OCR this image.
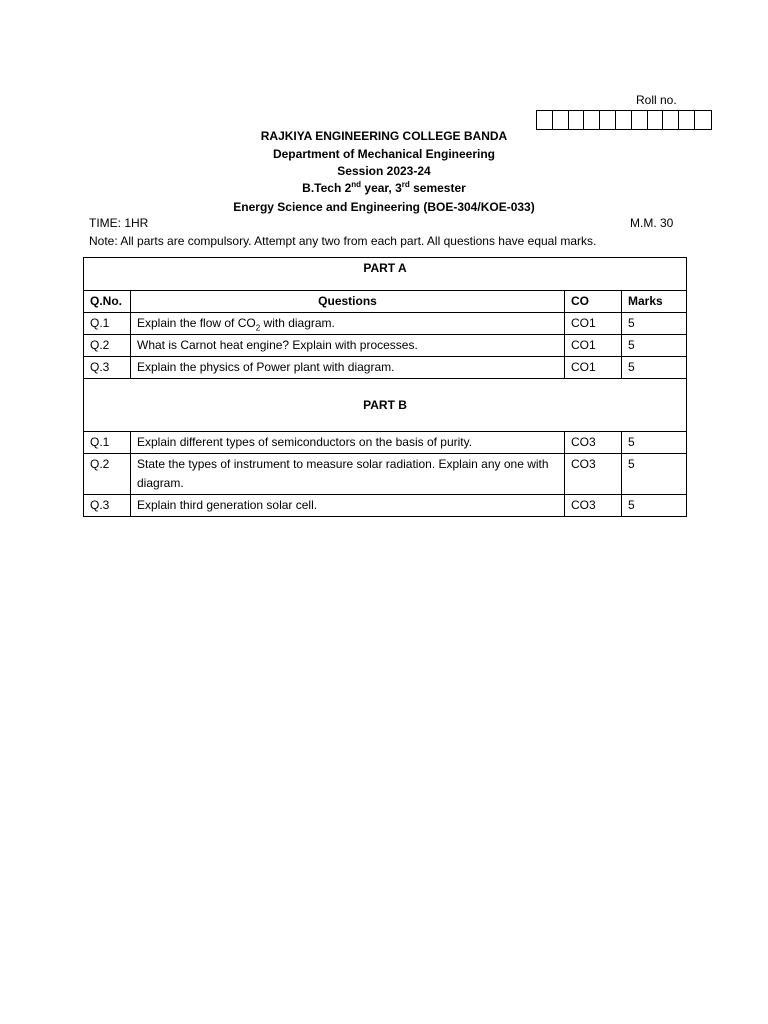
Roll no.
RAJKIYA ENGINEERING COLLEGE BANDA
Department of Mechanical Engineering
Session 2023-24
B.Tech 2nd year, 3rd semester
Energy Science and Engineering (BOE-304/KOE-033)
TIME: 1HR	M.M. 30
Note: All parts are compulsory. Attempt any two from each part. All questions have equal marks.
PART A			
Q.No.	Questions	CO	Marks
Q.1	Explain the flow of $CO_2$ with diagram.	CO1	5
Q.2	What is Carnot heat engine? Explain with processes.	CO1	5
Q.3	Explain the physics of Power plant with diagram.	CO1	5
PART B			
Q.1	Explain different types of semiconductors on the basis of purity.	CO3	5
Q.2	State the types of instrument to measure solar radiation. Explain any one with diagram.	CO3	5
Q.3	Explain third generation solar cell.	CO3	5
